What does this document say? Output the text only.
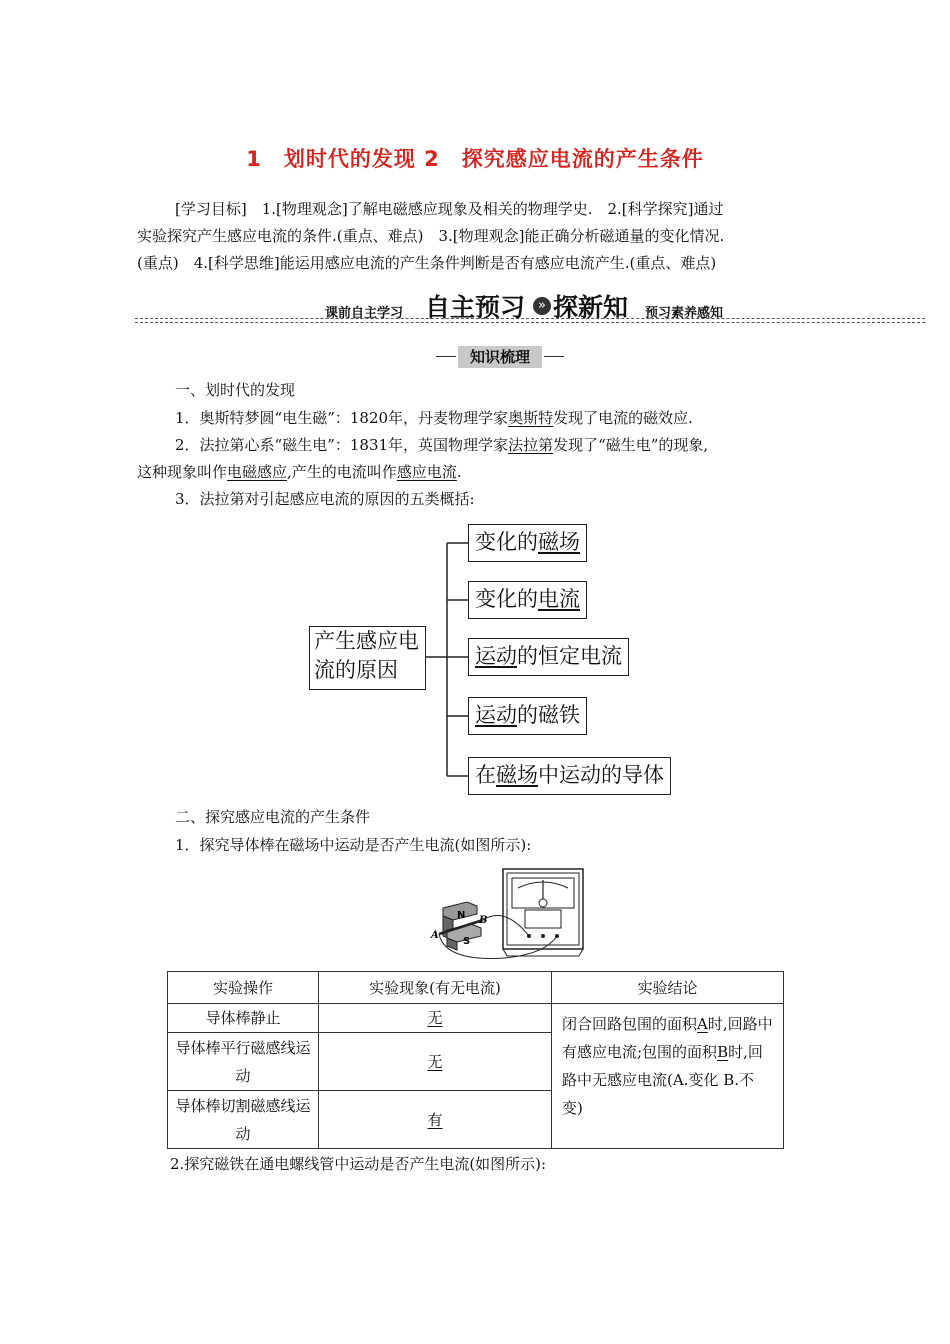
1　划时代的发现 2　探究感应电流的产生条件
[学习目标]　1.[物理观念]了解电磁感应现象及相关的物理学史.　2.[科学探究]通过
实验探究产生感应电流的条件.(重点、难点)　3.[物理观念]能正确分析磁通量的变化情况.
(重点)　4.[科学思维]能运用感应电流的产生条件判断是否有感应电流产生.(重点、难点)
课前自主学习 自主预习	» 探新知 预习素养感知
知识梳理
一、划时代的发现
1．奥斯特梦圆“电生磁”：1820年，丹麦物理学家奥斯特发现了电流的磁效应.
2．法拉第心系“磁生电”：1831年，英国物理学家法拉第发现了“磁生电”的现象,
这种现象叫作电磁感应,产生的电流叫作感应电流.
3．法拉第对引起感应电流的原因的五类概括:
产生感应电流的原因
变化的磁场
变化的电流
运动的恒定电流
运动的磁铁
在磁场中运动的导体
二、探究感应电流的产生条件
1．探究导体棒在磁场中运动是否产生电流(如图所示):
N
S
A
B
实验操作	实验现象(有无电流)	实验结论
导体棒静止	无	闭合回路包围的面积A时,回路中有感应电流;包围的面积B时,回路中无感应电流(A.变化 B.不变)
导体棒平行磁感线运动	无	
导体棒切割磁感线运动	有	
2.探究磁铁在通电螺线管中运动是否产生电流(如图所示):
